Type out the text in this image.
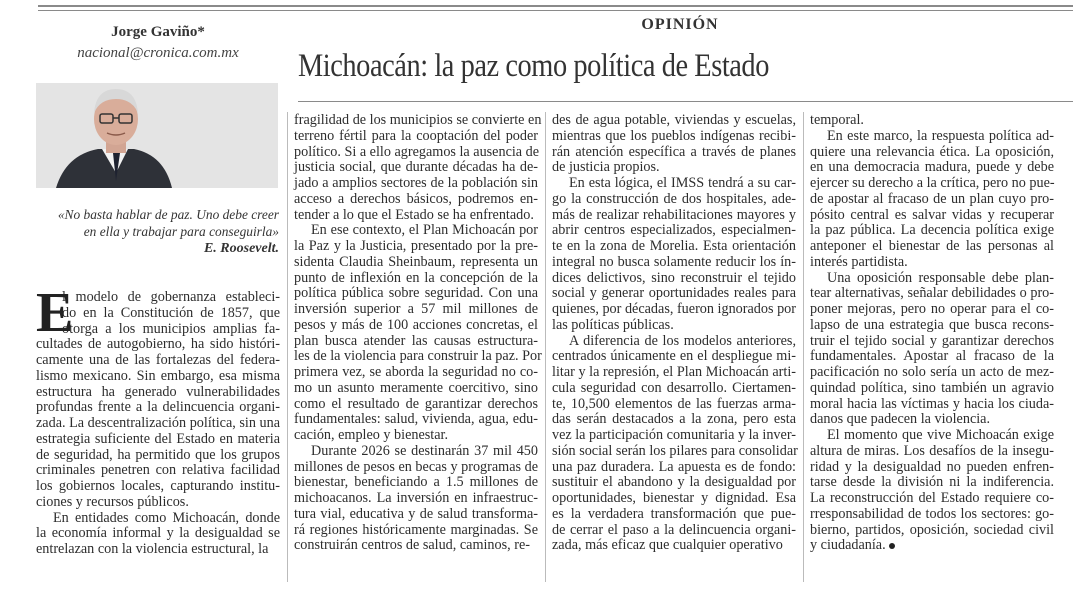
Jorge Gaviño*
nacional@cronica.com.mx
OPINIÓN
Michoacán: la paz como política de Estado
«No basta hablar de paz. Uno debe creer
en ella y trabajar para conseguirla»
E. Roosevelt.
E
l modelo de gobernanza estableci-
do en la Constitución de 1857, que
otorga a los municipios amplias fa-
cultades de autogobierno, ha sido históri-
camente una de las fortalezas del federa-
lismo mexicano. Sin embargo, esa misma
estructura ha generado vulnerabilidades
profundas frente a la delincuencia organi-
zada. La descentralización política, sin una
estrategia suficiente del Estado en materia
de seguridad, ha permitido que los grupos
criminales penetren con relativa facilidad
los gobiernos locales, capturando institu-
ciones y recursos públicos.
En entidades como Michoacán, donde
la economía informal y la desigualdad se
entrelazan con la violencia estructural, la
fragilidad de los municipios se convierte en
terreno fértil para la cooptación del poder
político. Si a ello agregamos la ausencia de
justicia social, que durante décadas ha de-
jado a amplios sectores de la población sin
acceso a derechos básicos, podremos en-
tender a lo que el Estado se ha enfrentado.
En ese contexto, el Plan Michoacán por
la Paz y la Justicia, presentado por la pre-
sidenta Claudia Sheinbaum, representa un
punto de inflexión en la concepción de la
política pública sobre seguridad. Con una
inversión superior a 57 mil millones de
pesos y más de 100 acciones concretas, el
plan busca atender las causas estructura-
les de la violencia para construir la paz. Por
primera vez, se aborda la seguridad no co-
mo un asunto meramente coercitivo, sino
como el resultado de garantizar derechos
fundamentales: salud, vivienda, agua, edu-
cación, empleo y bienestar.
Durante 2026 se destinarán 37 mil 450
millones de pesos en becas y programas de
bienestar, beneficiando a 1.5 millones de
michoacanos. La inversión en infraestruc-
tura vial, educativa y de salud transforma-
rá regiones históricamente marginadas. Se
construirán centros de salud, caminos, re-
des de agua potable, viviendas y escuelas,
mientras que los pueblos indígenas recibi-
rán atención específica a través de planes
de justicia propios.
En esta lógica, el IMSS tendrá a su car-
go la construcción de dos hospitales, ade-
más de realizar rehabilitaciones mayores y
abrir centros especializados, especialmen-
te en la zona de Morelia. Esta orientación
integral no busca solamente reducir los ín-
dices delictivos, sino reconstruir el tejido
social y generar oportunidades reales para
quienes, por décadas, fueron ignorados por
las políticas públicas.
A diferencia de los modelos anteriores,
centrados únicamente en el despliegue mi-
litar y la represión, el Plan Michoacán arti-
cula seguridad con desarrollo. Ciertamen-
te, 10,500 elementos de las fuerzas arma-
das serán destacados a la zona, pero esta
vez la participación comunitaria y la inver-
sión social serán los pilares para consolidar
una paz duradera. La apuesta es de fondo:
sustituir el abandono y la desigualdad por
oportunidades, bienestar y dignidad. Esa
es la verdadera transformación que pue-
de cerrar el paso a la delincuencia organi-
zada, más eficaz que cualquier operativo
temporal.
En este marco, la respuesta política ad-
quiere una relevancia ética. La oposición,
en una democracia madura, puede y debe
ejercer su derecho a la crítica, pero no pue-
de apostar al fracaso de un plan cuyo pro-
pósito central es salvar vidas y recuperar
la paz pública. La decencia política exige
anteponer el bienestar de las personas al
interés partidista.
Una oposición responsable debe plan-
tear alternativas, señalar debilidades o pro-
poner mejoras, pero no operar para el co-
lapso de una estrategia que busca recons-
truir el tejido social y garantizar derechos
fundamentales. Apostar al fracaso de la
pacificación no solo sería un acto de mez-
quindad política, sino también un agravio
moral hacia las víctimas y hacia los ciuda-
danos que padecen la violencia.
El momento que vive Michoacán exige
altura de miras. Los desafíos de la insegu-
ridad y la desigualdad no pueden enfren-
tarse desde la división ni la indiferencia.
La reconstrucción del Estado requiere co-
rresponsabilidad de todos los sectores: go-
bierno, partidos, oposición, sociedad civil
y ciudadanía.
